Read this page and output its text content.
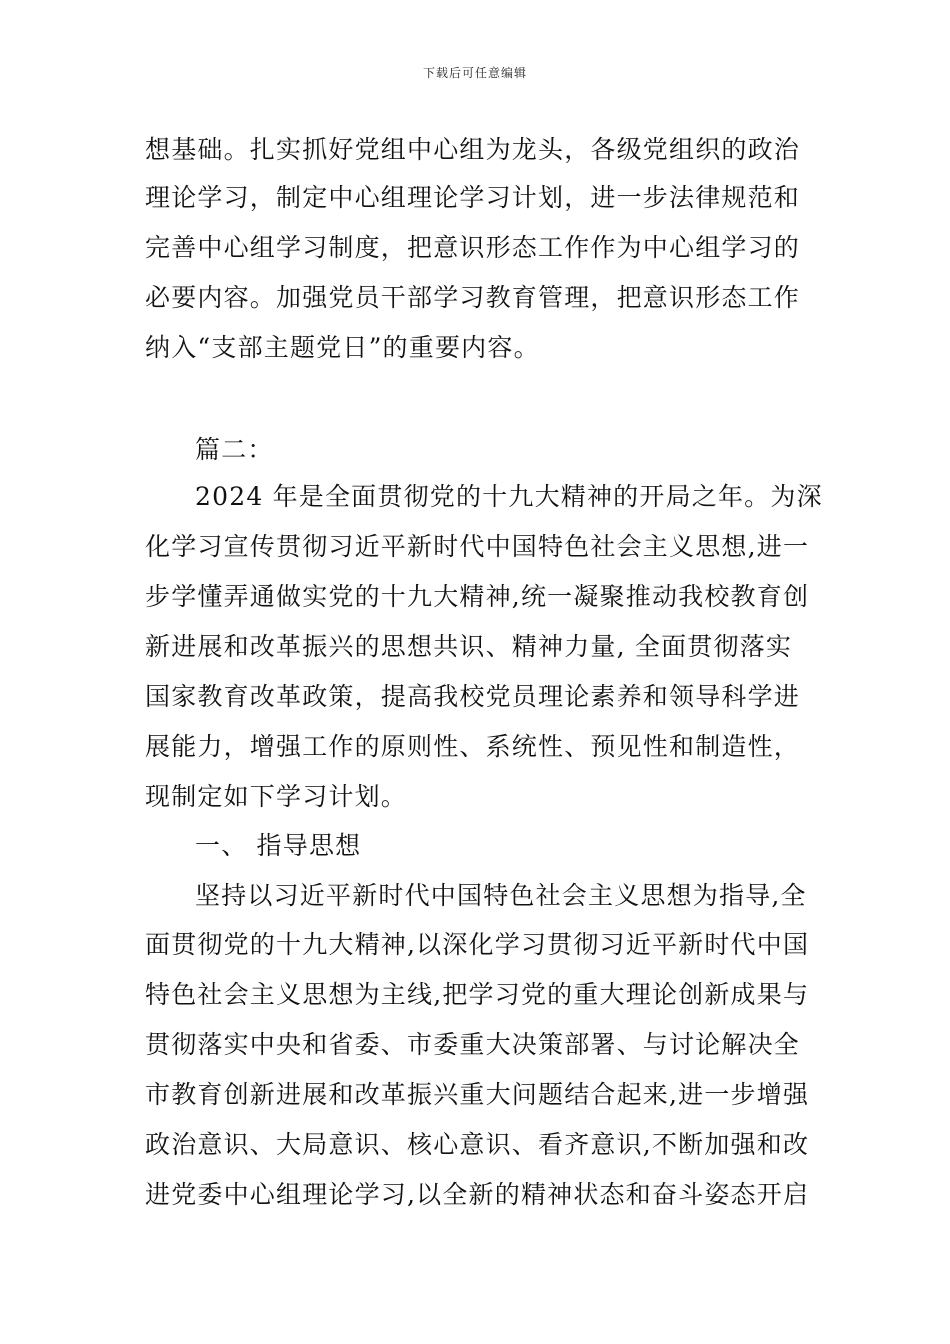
下载后可任意编辑
想基础。扎实抓好党组中心组为龙头，各级党组织的政治
理论学习，制定中心组理论学习计划，进一步法律规范和
完善中心组学习制度，把意识形态工作作为中心组学习的
必要内容。加强党员干部学习教育管理，把意识形态工作
纳入“支部主题党日”的重要内容。
篇二：
2024 年是全面贯彻党的十九大精神的开局之年。为深
化学习宣传贯彻习近平新时代中国特色社会主义思想,进一
步学懂弄通做实党的十九大精神,统一凝聚推动我校教育创
新进展和改革振兴的思想共识、精神力量, 全面贯彻落实
国家教育改革政策，提高我校党员理论素养和领导科学进
展能力，增强工作的原则性、系统性、预见性和制造性，
现制定如下学习计划。
一、 指导思想
坚持以习近平新时代中国特色社会主义思想为指导,全
面贯彻党的十九大精神,以深化学习贯彻习近平新时代中国
特色社会主义思想为主线,把学习党的重大理论创新成果与
贯彻落实中央和省委、市委重大决策部署、与讨论解决全
市教育创新进展和改革振兴重大问题结合起来,进一步增强
政治意识、大局意识、核心意识、看齐意识,不断加强和改
进党委中心组理论学习,以全新的精神状态和奋斗姿态开启
